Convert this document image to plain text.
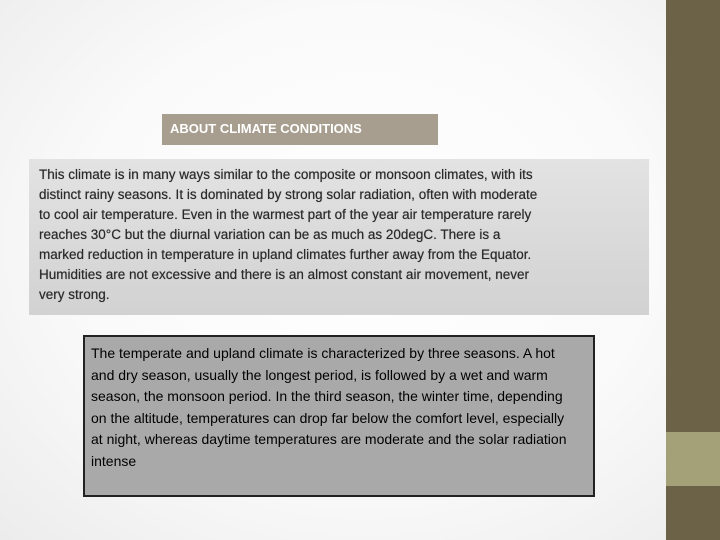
ABOUT CLIMATE CONDITIONS
This climate is in many ways similar to the composite or monsoon climates, with its
distinct rainy seasons. It is dominated by strong solar radiation, often with moderate
to cool air temperature. Even in the warmest part of the year air temperature rarely
reaches 30°C but the diurnal variation can be as much as 20degC. There is a
marked reduction in temperature in upland climates further away from the Equator.
Humidities are not excessive and there is an almost constant air movement, never
very strong.
The temperate and upland climate is characterized by three seasons. A hot and dry season, usually the longest period, is followed by a wet and warm season, the monsoon period. In the third season, the winter time, depending on the altitude, temperatures can drop far below the comfort level, especially at night, whereas daytime temperatures are moderate and the solar radiation intense
